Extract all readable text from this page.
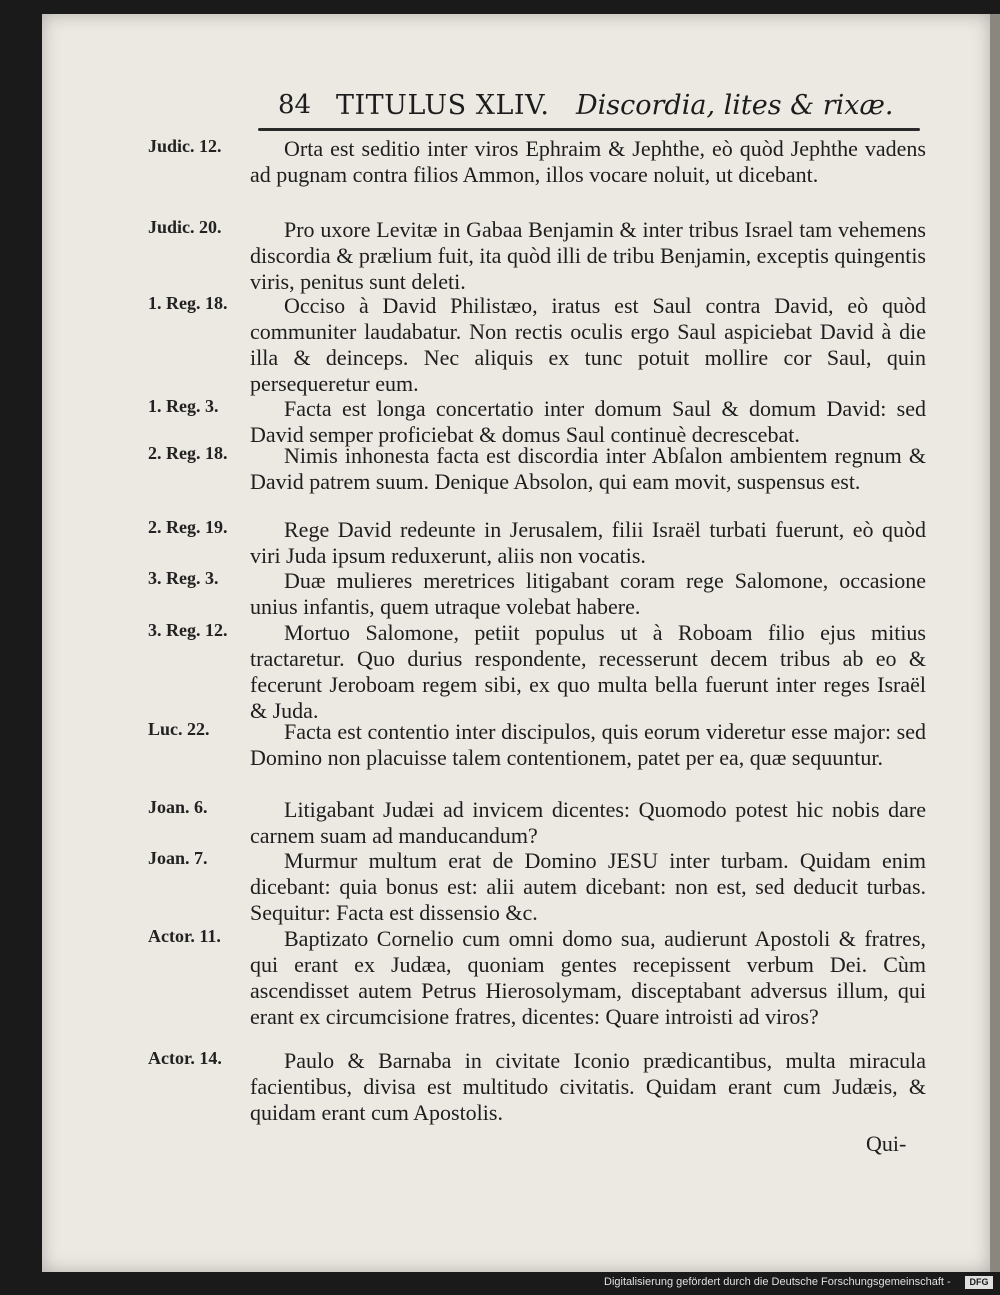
84 TITULUS XLIV. Discordia, lites & rixæ.
Judic. 12.	Orta est seditio inter viros Ephraim & Jephthe, eò quòd Jephthe vadens ad pugnam contra filios Ammon, illos vocare noluit, ut dicebant.
Judic. 20.	Pro uxore Levitæ in Gabaa Benjamin & inter tribus Israel tam vehemens discordia & prælium fuit, ita quòd illi de tribu Benjamin, exceptis quingentis viris, penitus sunt deleti.
1. Reg. 18.	Occiso à David Philistæo, iratus est Saul contra David, eò quòd communiter laudabatur. Non rectis oculis ergo Saul aspiciebat David à die illa & deinceps. Nec aliquis ex tunc potuit mollire cor Saul, quin persequeretur eum.
1. Reg. 3.	Facta est longa concertatio inter domum Saul & domum David: sed David semper proficiebat & domus Saul continuè decrescebat.
2. Reg. 18.	Nimis inhonesta facta est discordia inter Abſalon ambientem regnum & David patrem suum. Denique Absolon, qui eam movit, suspensus est.
2. Reg. 19.	Rege David redeunte in Jerusalem, filii Israël turbati fuerunt, eò quòd viri Juda ipsum reduxerunt, aliis non vocatis.
3. Reg. 3.	Duæ mulieres meretrices litigabant coram rege Salomone, occasione unius infantis, quem utraque volebat habere.
3. Reg. 12.	Mortuo Salomone, petiit populus ut à Roboam filio ejus mitius tractaretur. Quo durius respondente, recesserunt decem tribus ab eo & fecerunt Jeroboam regem sibi, ex quo multa bella fuerunt inter reges Israël & Juda.
Luc. 22.	Facta est contentio inter discipulos, quis eorum videretur esse major: sed Domino non placuisse talem contentionem, patet per ea, quæ sequuntur.
Joan. 6.	Litigabant Judæi ad invicem dicentes: Quomodo potest hic nobis dare carnem suam ad manducandum?
Joan. 7.	Murmur multum erat de Domino JESU inter turbam. Quidam enim dicebant: quia bonus est: alii autem dicebant: non est, sed deducit turbas. Sequitur: Facta est dissensio &c.
Actor. 11.	Baptizato Cornelio cum omni domo sua, audierunt Apostoli & fratres, qui erant ex Judæa, quoniam gentes recepissent verbum Dei. Cùm ascendisset autem Petrus Hierosolymam, disceptabant adversus illum, qui erant ex circumcisione fratres, dicentes: Quare introisti ad viros?
Actor. 14.	Paulo & Barnaba in civitate Iconio prædicantibus, multa miracula facientibus, divisa est multitudo civitatis. Quidam erant cum Judæis, & quidam erant cum Apostolis.
Qui-
Digitalisierung gefördert durch die Deutsche Forschungsgemeinschaft -	DFG
